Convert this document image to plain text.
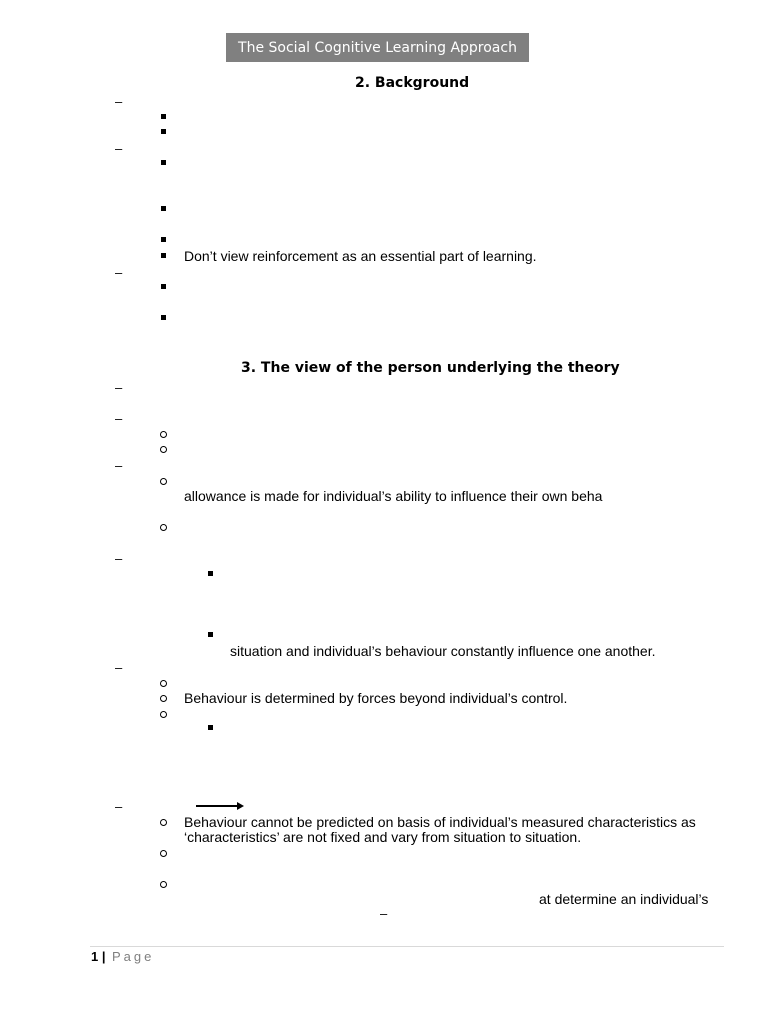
The Social Cognitive Learning Approach
2. Background
–
–
Don’t view reinforcement as an essential part of learning.
–
3. The view of the person underlying the theory
–
–
–
allowance is made for individual’s ability to influence their own beha
–
situation and individual’s behaviour constantly influence one another.
–
Behaviour is determined by forces beyond individual’s control.
–
Behaviour cannot be predicted on basis of individual’s measured characteristics as
‘characteristics’ are not fixed and vary from situation to situation.
at determine an individual’s
–
1 | Page
